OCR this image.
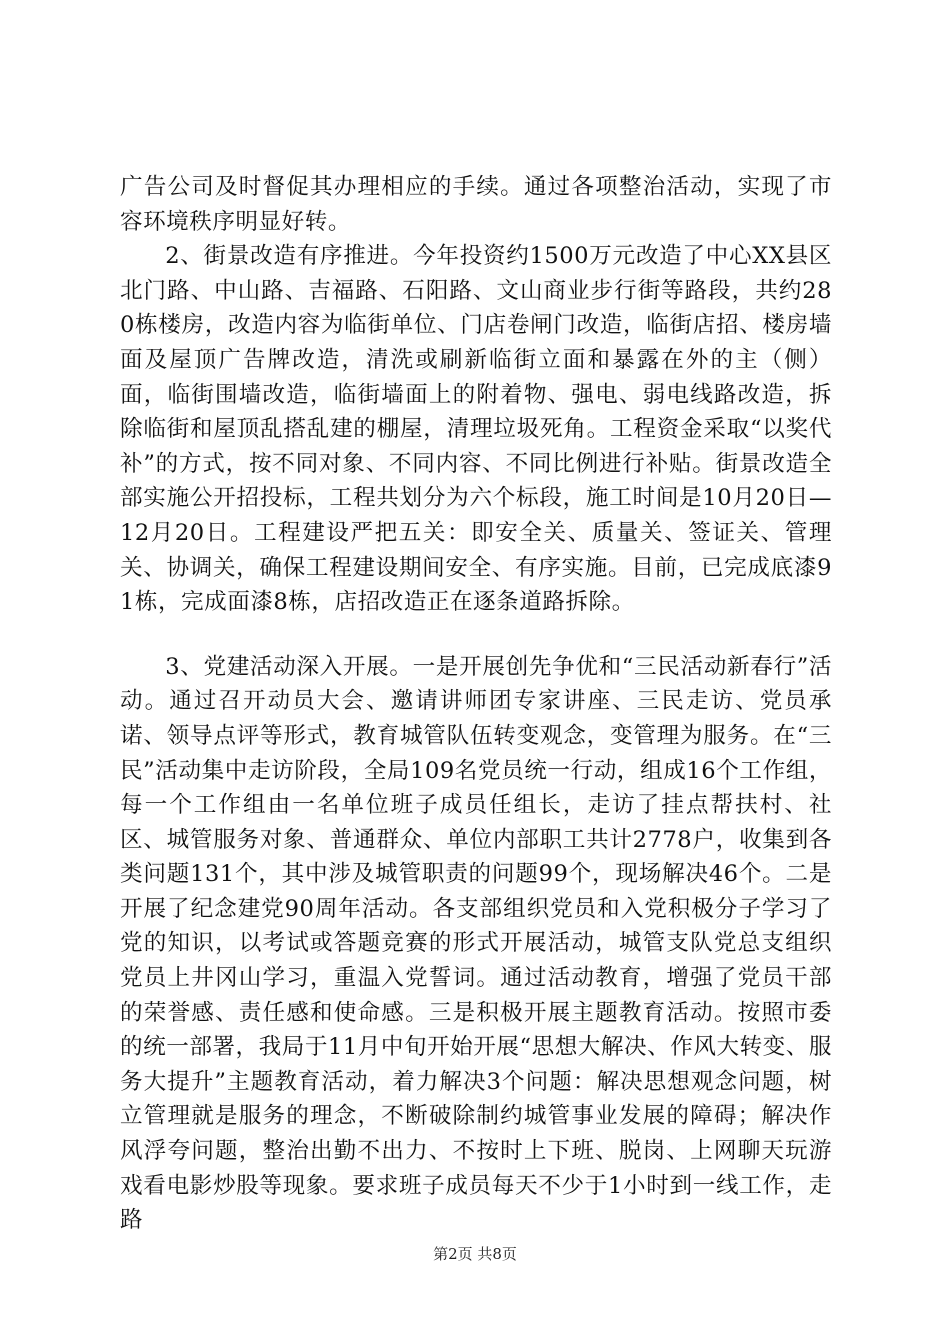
广告公司及时督促其办理相应的手续。通过各项整治活动，实现了市容环境秩序明显好转。

2、街景改造有序推进。今年投资约1500万元改造了中心XX县区北门路、中山路、吉福路、石阳路、文山商业步行街等路段，共约280栋楼房，改造内容为临街单位、门店卷闸门改造，临街店招、楼房墙面及屋顶广告牌改造，清洗或刷新临街立面和暴露在外的主（侧）面，临街围墙改造，临街墙面上的附着物、强电、弱电线路改造，拆除临街和屋顶乱搭乱建的棚屋，清理垃圾死角。工程资金采取“以奖代补”的方式，按不同对象、不同内容、不同比例进行补贴。街景改造全部实施公开招投标，工程共划分为六个标段，施工时间是10月20日—12月20日。工程建设严把五关：即安全关、质量关、签证关、管理关、协调关，确保工程建设期间安全、有序实施。目前，已完成底漆91栋，完成面漆8栋，店招改造正在逐条道路拆除。

3、党建活动深入开展。一是开展创先争优和“三民活动新春行”活动。通过召开动员大会、邀请讲师团专家讲座、三民走访、党员承诺、领导点评等形式，教育城管队伍转变观念，变管理为服务。在“三民”活动集中走访阶段，全局109名党员统一行动，组成16个工作组，每一个工作组由一名单位班子成员任组长，走访了挂点帮扶村、社区、城管服务对象、普通群众、单位内部职工共计2778户，收集到各类问题131个，其中涉及城管职责的问题99个，现场解决46个。二是开展了纪念建党90周年活动。各支部组织党员和入党积极分子学习了党的知识，以考试或答题竞赛的形式开展活动，城管支队党总支组织党员上井冈山学习，重温入党誓词。通过活动教育，增强了党员干部的荣誉感、责任感和使命感。三是积极开展主题教育活动。按照市委的统一部署，我局于11月中旬开始开展“思想大解决、作风大转变、服务大提升”主题教育活动，着力解决3个问题：解决思想观念问题，树立管理就是服务的理念，不断破除制约城管事业发展的障碍；解决作风浮夸问题，整治出勤不出力、不按时上下班、脱岗、上网聊天玩游戏看电影炒股等现象。要求班子成员每天不少于1小时到一线工作，走路

第2页 共8页
